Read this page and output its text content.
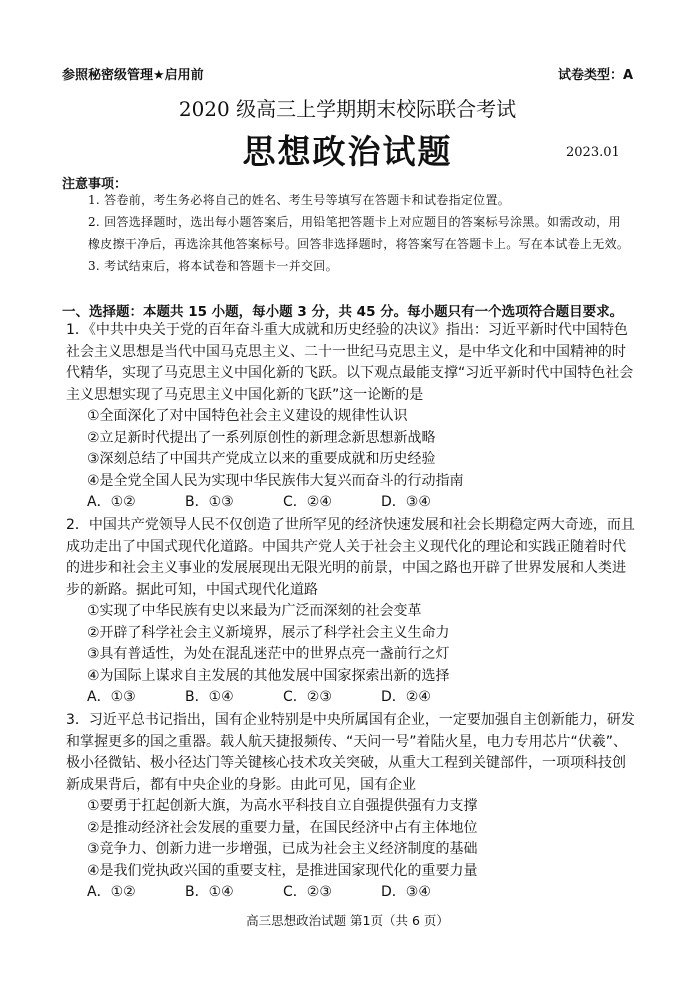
参照秘密级管理★启用前	试卷类型：A
2020 级高三上学期期末校际联合考试
思想政治试题	2023.01
注意事项：
1. 答卷前，考生务必将自己的姓名、考生号等填写在答题卡和试卷指定位置。
2. 回答选择题时，选出每小题答案后，用铅笔把答题卡上对应题目的答案标号涂黑。如需改动，用橡皮擦干净后，再选涂其他答案标号。回答非选择题时，将答案写在答题卡上。写在本试卷上无效。
3. 考试结束后，将本试卷和答题卡一并交回。
一、选择题：本题共 15 小题，每小题 3 分，共 45 分。每小题只有一个选项符合题目要求。
1．《中共中央关于党的百年奋斗重大成就和历史经验的决议》指出：习近平新时代中国特色社会主义思想是当代中国马克思主义、二十一世纪马克思主义，是中华文化和中国精神的时代精华，实现了马克思主义中国化新的飞跃。以下观点最能支撑“习近平新时代中国特色社会主义思想实现了马克思主义中国化新的飞跃”这一论断的是
①全面深化了对中国特色社会主义建设的规律性认识
②立足新时代提出了一系列原创性的新理念新思想新战略
③深刻总结了中国共产党成立以来的重要成就和历史经验
④是全党全国人民为实现中华民族伟大复兴而奋斗的行动指南
A．①②	B．①③	C．②④	D．③④
2．中国共产党领导人民不仅创造了世所罕见的经济快速发展和社会长期稳定两大奇迹，而且成功走出了中国式现代化道路。中国共产党人关于社会主义现代化的理论和实践正随着时代的进步和社会主义事业的发展展现出无限光明的前景，中国之路也开辟了世界发展和人类进步的新路。据此可知，中国式现代化道路
①实现了中华民族有史以来最为广泛而深刻的社会变革
②开辟了科学社会主义新境界，展示了科学社会主义生命力
③具有普适性，为处在混乱迷茫中的世界点亮一盏前行之灯
④为国际上谋求自主发展的其他发展中国家探索出新的选择
A．①③	B．①④	C．②③	D．②④
3．习近平总书记指出，国有企业特别是中央所属国有企业，一定要加强自主创新能力，研发和掌握更多的国之重器。载人航天捷报频传、“天问一号”着陆火星，电力专用芯片“伏羲”、极小径微钻、极小径达门等关键核心技术攻关突破，从重大工程到关键部件，一项项科技创新成果背后，都有中央企业的身影。由此可见，国有企业
①要勇于扛起创新大旗，为高水平科技自立自强提供强有力支撑
②是推动经济社会发展的重要力量，在国民经济中占有主体地位
③竞争力、创新力进一步增强，已成为社会主义经济制度的基础
④是我们党执政兴国的重要支柱，是推进国家现代化的重要力量
A．①②	B．①④	C．②③	D．③④
高三思想政治试题 第1页（共 6 页）
